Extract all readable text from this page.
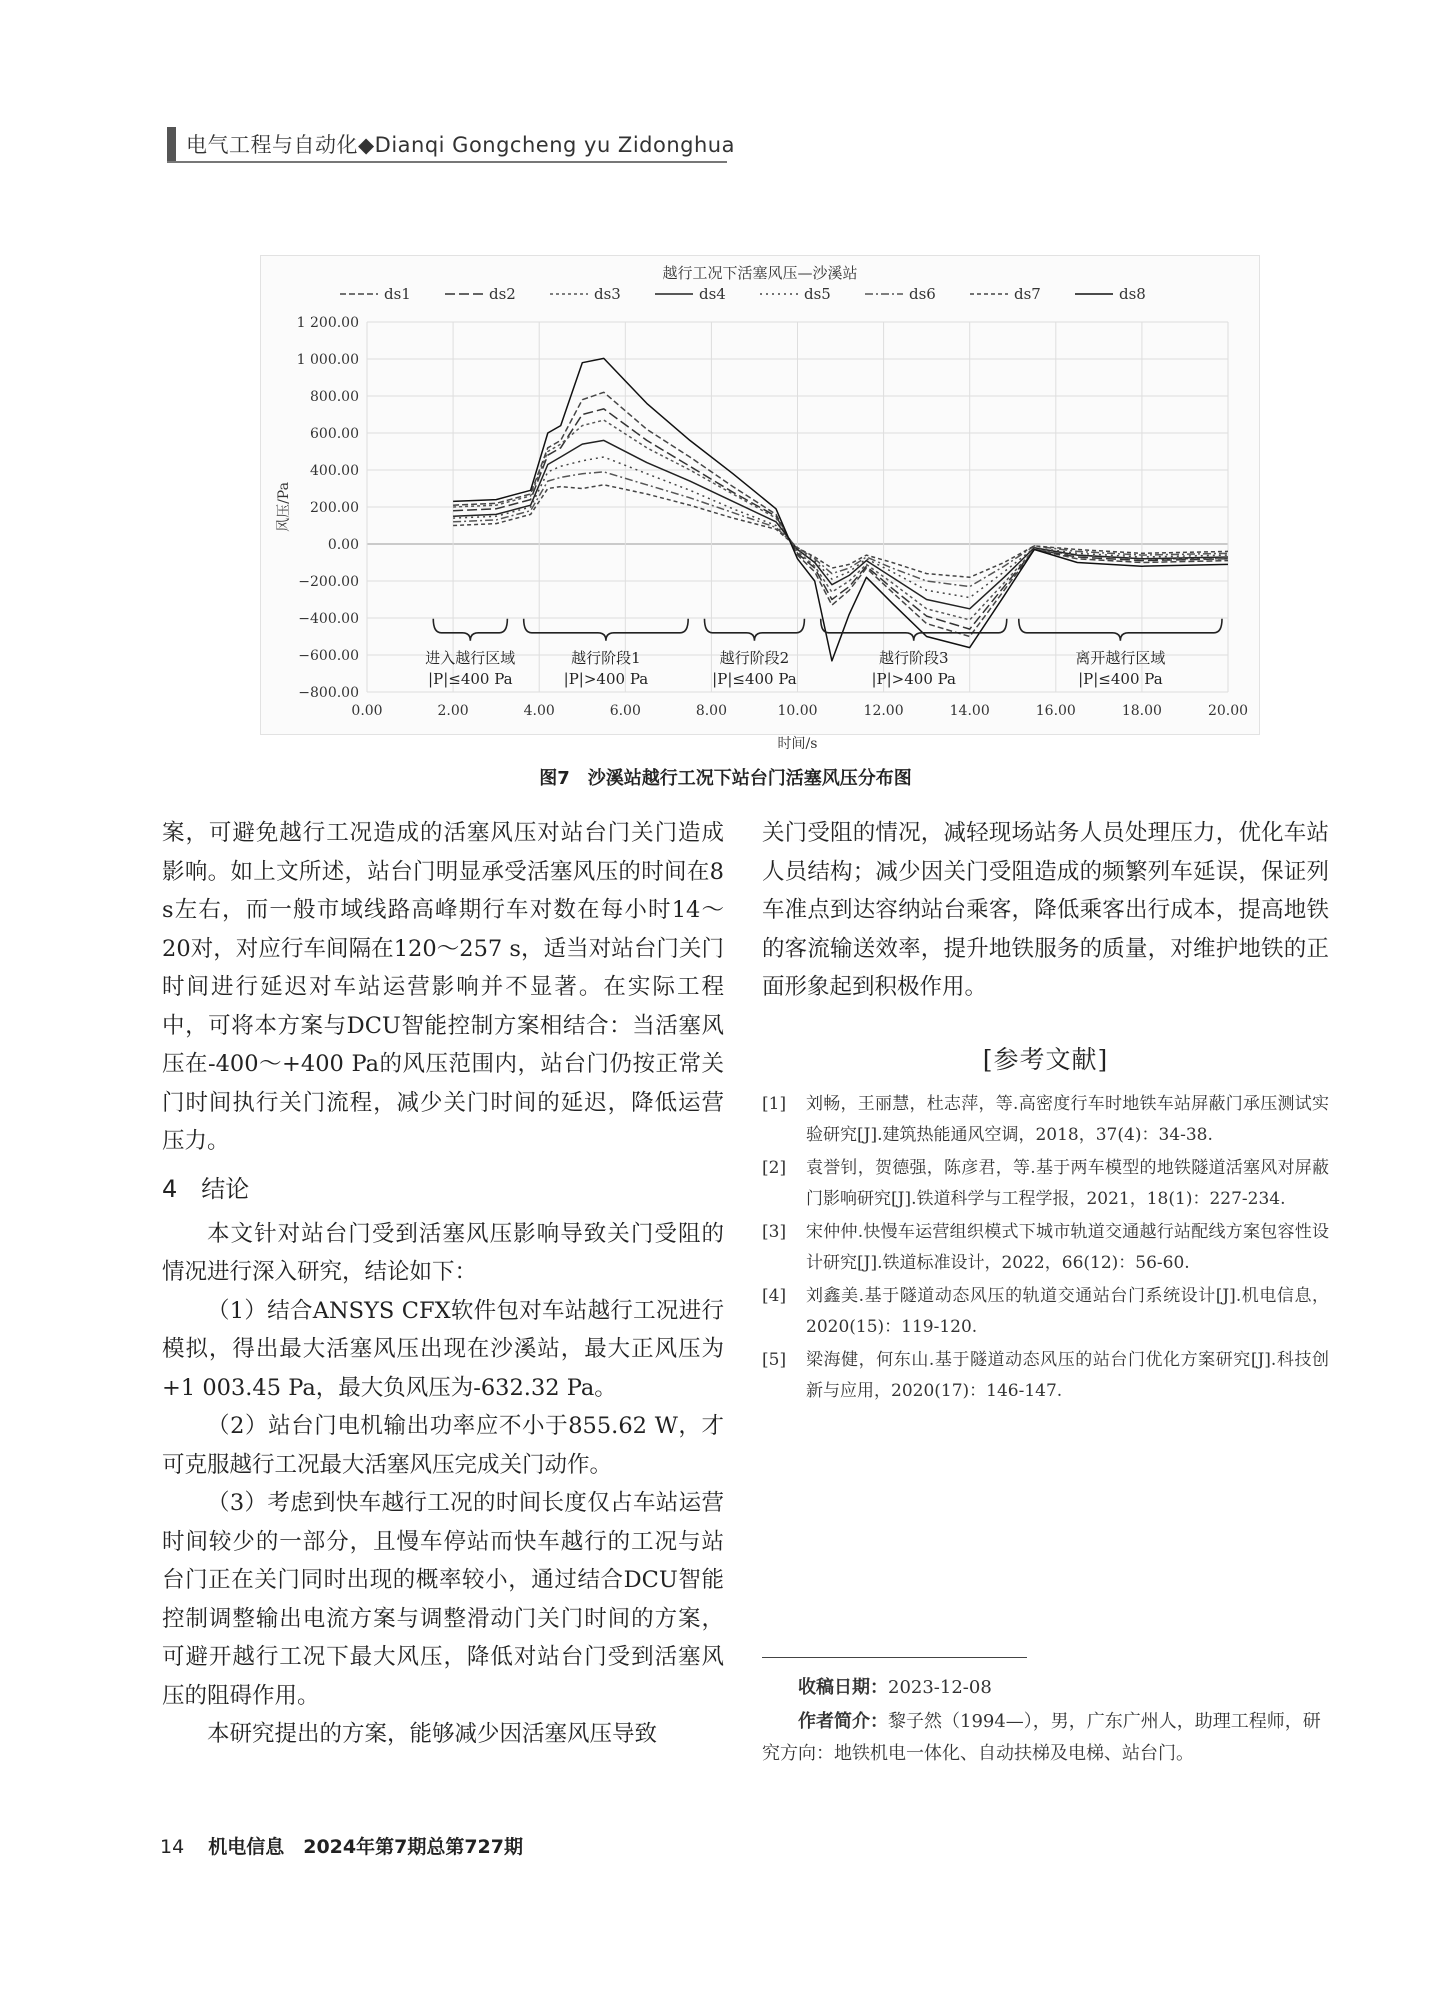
电气工程与自动化◆Dianqi Gongcheng yu Zidonghua
越行工况下活塞风压—沙溪站
ds1	ds2	ds3	ds4	ds5	ds6	ds7	ds8
1 200.00
1 000.00
800.00
600.00
400.00
200.00
0.00
−200.00
−400.00
−600.00
−800.00
0.00	2.00	4.00	6.00	8.00	10.00	12.00	14.00	16.00	18.00	20.00
风压/Pa
时间/s
进入越行区域
|P|≤400 Pa
越行阶段1
|P|>400 Pa
越行阶段2
|P|≤400 Pa
越行阶段3
|P|>400 Pa
离开越行区域
|P|≤400 Pa
图7　沙溪站越行工况下站台门活塞风压分布图

案，可避免越行工况造成的活塞风压对站台门关门造成影响。如上文所述，站台门明显承受活塞风压的时间在8 s左右，而一般市域线路高峰期行车对数在每小时14～20对，对应行车间隔在120～257 s，适当对站台门关门时间进行延迟对车站运营影响并不显著。在实际工程中，可将本方案与DCU智能控制方案相结合：当活塞风压在-400～+400 Pa的风压范围内，站台门仍按正常关门时间执行关门流程，减少关门时间的延迟，降低运营压力。

4　结论

本文针对站台门受到活塞风压影响导致关门受阻的情况进行深入研究，结论如下：

（1）结合ANSYS CFX软件包对车站越行工况进行模拟，得出最大活塞风压出现在沙溪站，最大正风压为+1 003.45 Pa，最大负风压为-632.32 Pa。

（2）站台门电机输出功率应不小于855.62 W，才可克服越行工况最大活塞风压完成关门动作。

（3）考虑到快车越行工况的时间长度仅占车站运营时间较少的一部分，且慢车停站而快车越行的工况与站台门正在关门同时出现的概率较小，通过结合DCU智能控制调整输出电流方案与调整滑动门关门时间的方案，可避开越行工况下最大风压，降低对站台门受到活塞风压的阻碍作用。

本研究提出的方案，能够减少因活塞风压导致

关门受阻的情况，减轻现场站务人员处理压力，优化车站人员结构；减少因关门受阻造成的频繁列车延误，保证列车准点到达容纳站台乘客，降低乘客出行成本，提高地铁的客流输送效率，提升地铁服务的质量，对维护地铁的正面形象起到积极作用。

[参考文献]
[1]	刘畅，王丽慧，杜志萍，等.高密度行车时地铁车站屏蔽门承压测试实验研究[J].建筑热能通风空调，2018，37(4)：34-38.
[2]	袁誉钊，贺德强，陈彦君，等.基于两车模型的地铁隧道活塞风对屏蔽门影响研究[J].铁道科学与工程学报，2021，18(1)：227-234.
[3]	宋仲仲.快慢车运营组织模式下城市轨道交通越行站配线方案包容性设计研究[J].铁道标准设计，2022，66(12)：56-60.
[4]	刘鑫美.基于隧道动态风压的轨道交通站台门系统设计[J].机电信息，2020(15)：119-120.
[5]	梁海健，何东山.基于隧道动态风压的站台门优化方案研究[J].科技创新与应用，2020(17)：146-147.
收稿日期：2023-12-08
作者简介：黎子然（1994—），男，广东广州人，助理工程师，研究方向：地铁机电一体化、自动扶梯及电梯、站台门。
14 机电信息　2024年第7期总第727期
